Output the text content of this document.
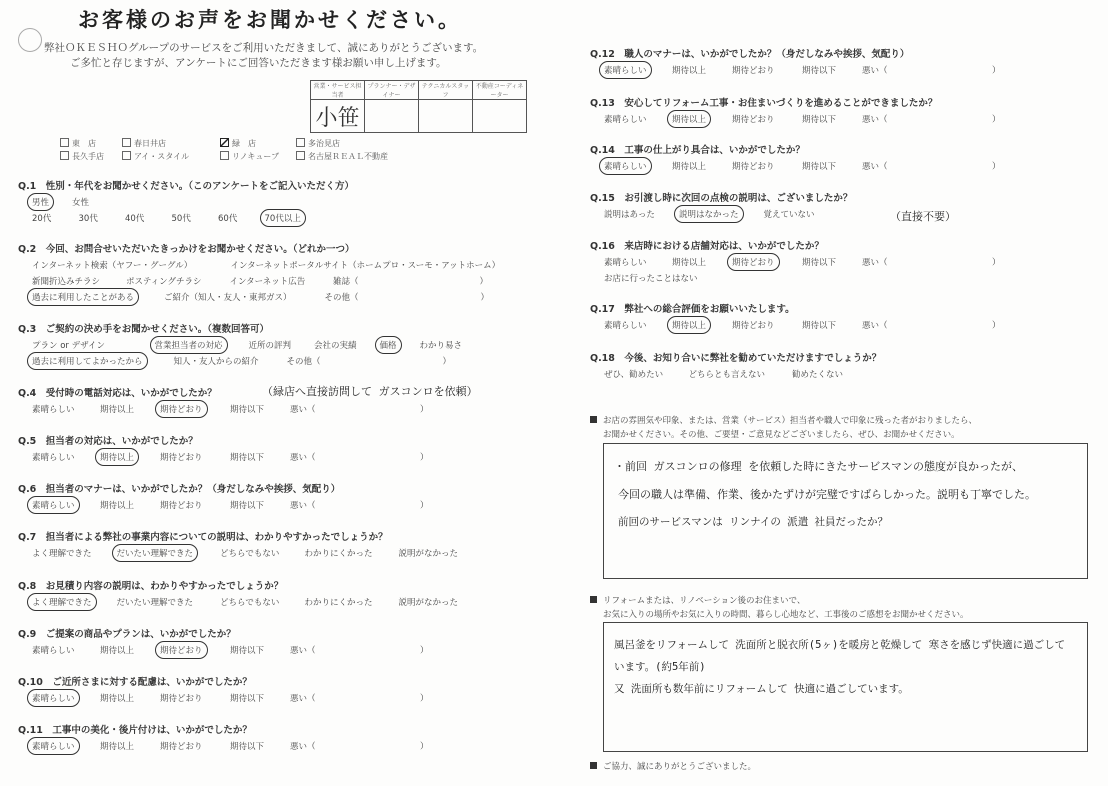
お客様のお声をお聞かせください。
弊社ＯＫＥＳＨＯグループのサービスをご利用いただきまして、誠にありがとうございます。
ご多忙と存じますが、アンケートにご回答いただきます様お願い申し上げます。
営業・サービス担当者	プランナー・デザイナー	テクニカルスタッフ	不動産コーディネーター
小笹			
東　店	春日井店	緑　店	多治見店
長久手店	アイ・スタイル	リノキューブ	名古屋ＲＥＡＬ不動産
Q.1　性別・年代をお聞かせください。（このアンケートをご記入いただく方）
男性	女性
20代	30代	40代	50代	60代	70代以上
Q.2　今回、お問合せいただいたきっかけをお聞かせください。（どれか一つ）
インターネット検索（ヤフー・グーグル）	インターネットポータルサイト（ホームプロ・スーモ・アットホーム）
新聞折込みチラシ	ポスティングチラシ	インターネット広告	雑誌（	）
過去に利用したことがある	ご紹介（知人・友人・東邦ガス）	その他（	）
Q.3　ご契約の決め手をお聞かせください。（複数回答可）
プラン or デザイン	営業担当者の対応	近所の評判	会社の実績	価格	わかり易さ
過去に利用してよかったから	知人・友人からの紹介	その他（	）
Q.4　受付時の電話対応は、いかがでしたか？	（緑店へ直接訪問して ガスコンロを依頼）
素晴らしい	期待以上	期待どおり	期待以下	悪い（	）
Q.5　担当者の対応は、いかがでしたか？
素晴らしい	期待以上	期待どおり	期待以下	悪い（	）
Q.6　担当者のマナーは、いかがでしたか？（身だしなみや挨拶、気配り）
素晴らしい	期待以上	期待どおり	期待以下	悪い（	）
Q.7　担当者による弊社の事業内容についての説明は、わかりやすかったでしょうか？
よく理解できた	だいたい理解できた	どちらでもない	わかりにくかった	説明がなかった
Q.8　お見積り内容の説明は、わかりやすかったでしょうか？
よく理解できた	だいたい理解できた	どちらでもない	わかりにくかった	説明がなかった
Q.9　ご提案の商品やプランは、いかがでしたか？
素晴らしい	期待以上	期待どおり	期待以下	悪い（	）
Q.10　ご近所さまに対する配慮は、いかがでしたか？
素晴らしい	期待以上	期待どおり	期待以下	悪い（	）
Q.11　工事中の美化・後片付けは、いかがでしたか？
素晴らしい	期待以上	期待どおり	期待以下	悪い（	）
Q.12　職人のマナーは、いかがでしたか？（身だしなみや挨拶、気配り）
素晴らしい	期待以上	期待どおり	期待以下	悪い（	）
Q.13　安心してリフォーム工事・お住まいづくりを進めることができましたか？
素晴らしい	期待以上	期待どおり	期待以下	悪い（	）
Q.14　工事の仕上がり具合は、いかがでしたか？
素晴らしい	期待以上	期待どおり	期待以下	悪い（	）
Q.15　お引渡し時に次回の点検の説明は、ございましたか？
（直接不要）
説明はあった	説明はなかった	覚えていない
Q.16　来店時における店舗対応は、いかがでしたか？
素晴らしい	期待以上	期待どおり	期待以下	悪い（	）
お店に行ったことはない
Q.17　弊社への総合評価をお願いいたします。
素晴らしい	期待以上	期待どおり	期待以下	悪い（	）
Q.18　今後、お知り合いに弊社を勧めていただけますでしょうか？
ぜひ、勧めたい	どちらとも言えない	勧めたくない
お店の雰囲気や印象、または、営業（サービス）担当者や職人で印象に残った者がおりましたら、
お聞かせください。その他、ご要望・ご意見などございましたら、ぜひ、お聞かせください。
・前回 ガスコンロの修理 を依頼した時にきたサービスマンの態度が良かったが、
今回の職人は準備、作業、後かたずけが完璧ですばらしかった。説明も丁寧でした。
前回のサービスマンは リンナイの 派遣 社員だったか？
リフォームまたは、リノベーション後のお住まいで、
お気に入りの場所やお気に入りの時間、暮らし心地など、工事後のご感想をお聞かせください。
風呂釜をリフォームして 洗面所と脱衣所(5ヶ)を暖房と乾燥して 寒さを感じず快適に過ごして
います。(約5年前)
又 洗面所も数年前にリフォームして 快適に過ごしています。
ご協力、誠にありがとうございました。
